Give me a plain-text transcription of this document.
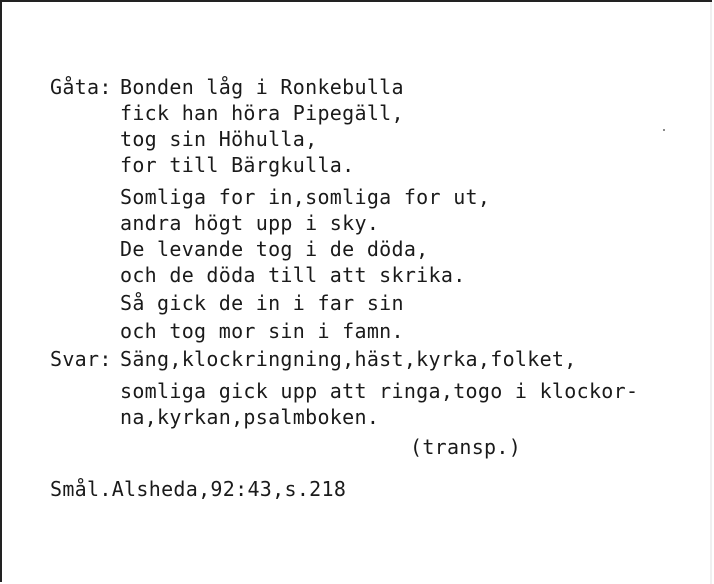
Gåta: Bonden låg i Ronkebulla
fick han höra Pipegäll,
tog sin Höhulla,
for till Bärgkulla.
Somliga for in,somliga for ut,
andra högt upp i sky.
De levande tog i de döda,
och de döda till att skrika.
Så gick de in i far sin
och tog mor sin i famn.
Svar: Säng,klockringning,häst,kyrka,folket,
somliga gick upp att ringa,togo i klockor-
na,kyrkan,psalmboken.
(transp.)
Smål.Alsheda,92:43,s.218
